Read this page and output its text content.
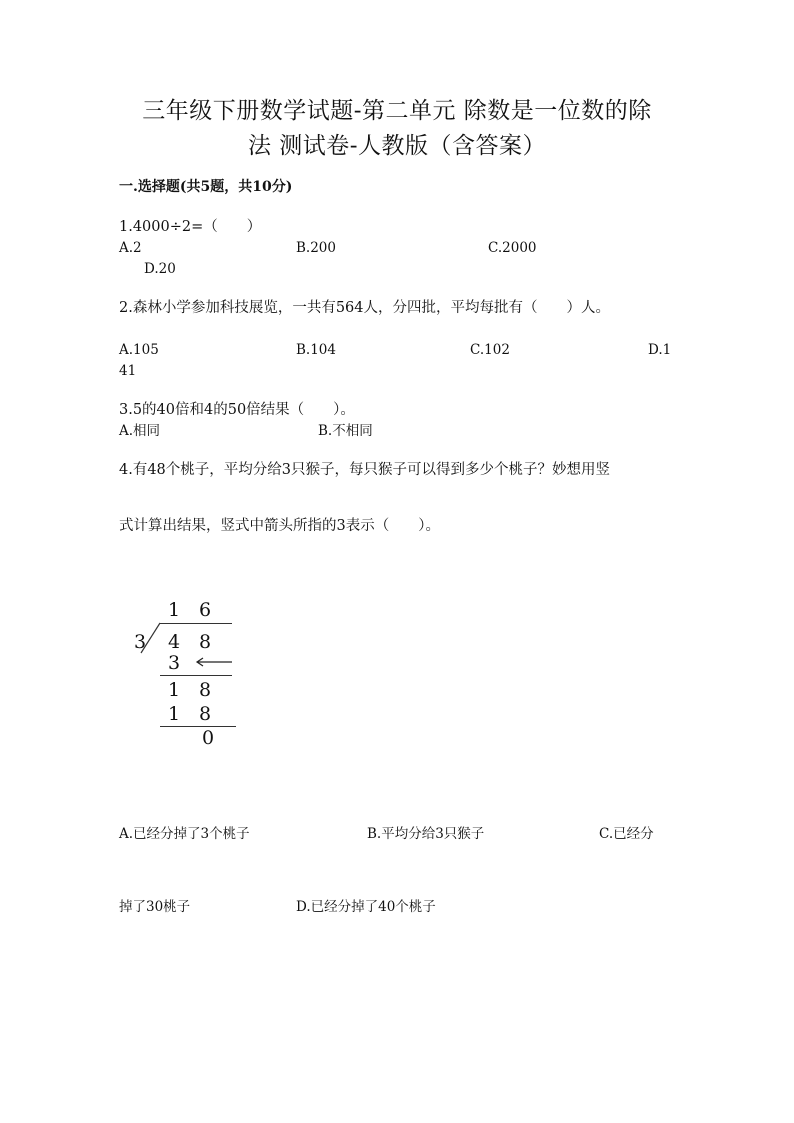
三年级下册数学试题-第二单元 除数是一位数的除
法 测试卷-人教版（含答案）
一.选择题(共5题，共10分)
1.4000÷2=（　　）
A.2	B.200	C.2000
D.20
2.森林小学参加科技展览，一共有564人，分四批，平均每批有（　　）人。
A.105	B.104	C.102	D.1
41
3.5的40倍和4的50倍结果（　　）。
A.相同	B.不相同
4.有48个桃子，平均分给3只猴子，每只猴子可以得到多少个桃子？妙想用竖
式计算出结果，竖式中箭头所指的3表示（　　）。
1 6
3 4 8
3
1 8
1 8
0
A.已经分掉了3个桃子	B.平均分给3只猴子	C.已经分
掉了30桃子	D.已经分掉了40个桃子
